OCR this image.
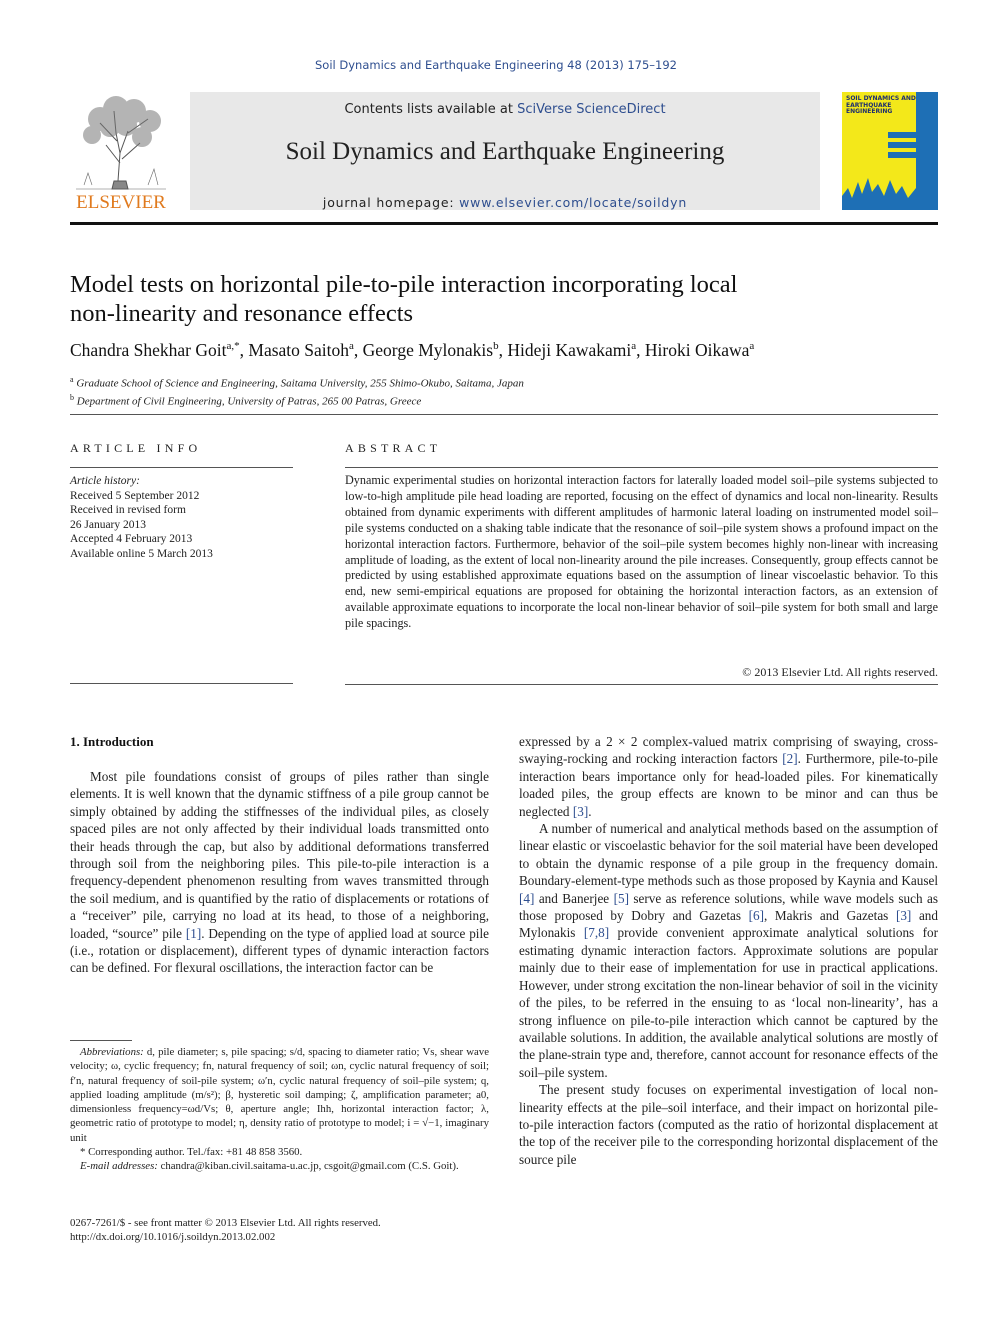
Soil Dynamics and Earthquake Engineering 48 (2013) 175–192
ELSEVIER
Contents lists available at SciVerse ScienceDirect
Soil Dynamics and Earthquake Engineering
journal homepage: www.elsevier.com/locate/soildyn
SOIL DYNAMICS AND EARTHQUAKE ENGINEERING
Model tests on horizontal pile-to-pile interaction incorporating local
non-linearity and resonance effects
Chandra Shekhar Goit$^{a,*}$, Masato Saitoh$^a$, George Mylonakis$^b$, Hideji Kawakami$^a$, Hiroki Oikawa$^a$
$^a$ Graduate School of Science and Engineering, Saitama University, 255 Shimo-Okubo, Saitama, Japan
$^b$ Department of Civil Engineering, University of Patras, 265 00 Patras, Greece
ARTICLE INFO
Article history:
Received 5 September 2012
Received in revised form
26 January 2013
Accepted 4 February 2013
Available online 5 March 2013
ABSTRACT
Dynamic experimental studies on horizontal interaction factors for laterally loaded model soil–pile systems subjected to low-to-high amplitude pile head loading are reported, focusing on the effect of dynamics and local non-linearity. Results obtained from dynamic experiments with different amplitudes of harmonic lateral loading on instrumented model soil–pile systems conducted on a shaking table indicate that the resonance of soil–pile system shows a profound impact on the horizontal interaction factors. Furthermore, behavior of the soil–pile system becomes highly non-linear with increasing amplitude of loading, as the extent of local non-linearity around the pile increases. Consequently, group effects cannot be predicted by using established approximate equations based on the assumption of linear viscoelastic behavior. To this end, new semi-empirical equations are proposed for obtaining the horizontal interaction factors, as an extension of available approximate equations to incorporate the local non-linear behavior of soil–pile system for both small and large pile spacings.
© 2013 Elsevier Ltd. All rights reserved.
1. Introduction

Most pile foundations consist of groups of piles rather than single elements. It is well known that the dynamic stiffness of a pile group cannot be simply obtained by adding the stiffnesses of the individual piles, as closely spaced piles are not only affected by their individual loads transmitted onto their heads through the cap, but also by additional deformations transferred through soil from the neighboring piles. This pile-to-pile interaction is a frequency-dependent phenomenon resulting from waves transmitted through the soil medium, and is quantified by the ratio of displacements or rotations of a “receiver” pile, carrying no load at its head, to those of a neighboring, loaded, “source” pile [1]. Depending on the type of applied load at source pile (i.e., rotation or displacement), different types of dynamic interaction factors can be defined. For flexural oscillations, the interaction factor can be

expressed by a 2 × 2 complex-valued matrix comprising of swaying, cross-swaying-rocking and rocking interaction factors [2]. Furthermore, pile-to-pile interaction bears importance only for head-loaded piles. For kinematically loaded piles, the group effects are known to be minor and can thus be neglected [3].

A number of numerical and analytical methods based on the assumption of linear elastic or viscoelastic behavior for the soil material have been developed to obtain the dynamic response of a pile group in the frequency domain. Boundary-element-type methods such as those proposed by Kaynia and Kausel [4] and Banerjee [5] serve as reference solutions, while wave models such as those proposed by Dobry and Gazetas [6], Makris and Gazetas [3] and Mylonakis [7,8] provide convenient approximate analytical solutions for estimating dynamic interaction factors. Approximate solutions are popular mainly due to their ease of implementation for use in practical applications. However, under strong excitation the non-linear behavior of soil in the vicinity of the piles, to be referred in the ensuing to as ‘local non-linearity’, has a strong influence on pile-to-pile interaction which cannot be captured by the available solutions. In addition, the available analytical solutions are mostly of the plane-strain type and, therefore, cannot account for resonance effects of the soil–pile system.

The present study focuses on experimental investigation of local non-linearity effects at the pile–soil interface, and their impact on horizontal pile-to-pile interaction factors (computed as the ratio of horizontal displacement at the top of the receiver pile to the corresponding horizontal displacement of the source pile

Abbreviations: d, pile diameter; s, pile spacing; s/d, spacing to diameter ratio; Vs, shear wave velocity; ω, cyclic frequency; fn, natural frequency of soil; ωn, cyclic natural frequency of soil; f′n, natural frequency of soil-pile system; ω′n, cyclic natural frequency of soil–pile system; q, applied loading amplitude (m/s²); β, hysteretic soil damping; ζ, amplification parameter; a0, dimensionless frequency=ωd/Vs; θ, aperture angle; Ihh, horizontal interaction factor; λ, geometric ratio of prototype to model; η, density ratio of prototype to model; i = √−1, imaginary unit

* Corresponding author. Tel./fax: +81 48 858 3560.

E-mail addresses: chandra@kiban.civil.saitama-u.ac.jp, csgoit@gmail.com (C.S. Goit).

0267-7261/$ - see front matter © 2013 Elsevier Ltd. All rights reserved.
http://dx.doi.org/10.1016/j.soildyn.2013.02.002
